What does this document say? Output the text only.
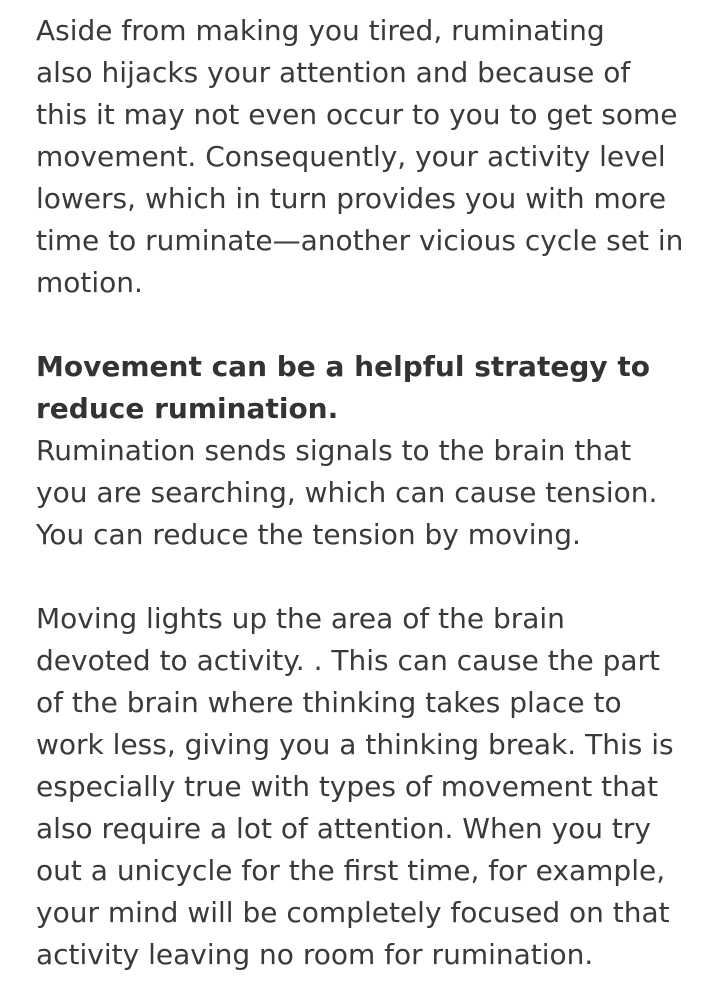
Aside from making you tired, ruminating
also hijacks your attention and because of
this it may not even occur to you to get some
movement. Consequently, your activity level
lowers, which in turn provides you with more
time to ruminate—another vicious cycle set in
motion.

Movement can be a helpful strategy to
reduce rumination.

Rumination sends signals to the brain that
you are searching, which can cause tension.
You can reduce the tension by moving.

Moving lights up the area of the brain
devoted to activity. . This can cause the part
of the brain where thinking takes place to
work less, giving you a thinking break. This is
especially true with types of movement that
also require a lot of attention. When you try
out a unicycle for the first time, for example,
your mind will be completely focused on that
activity leaving no room for rumination.
